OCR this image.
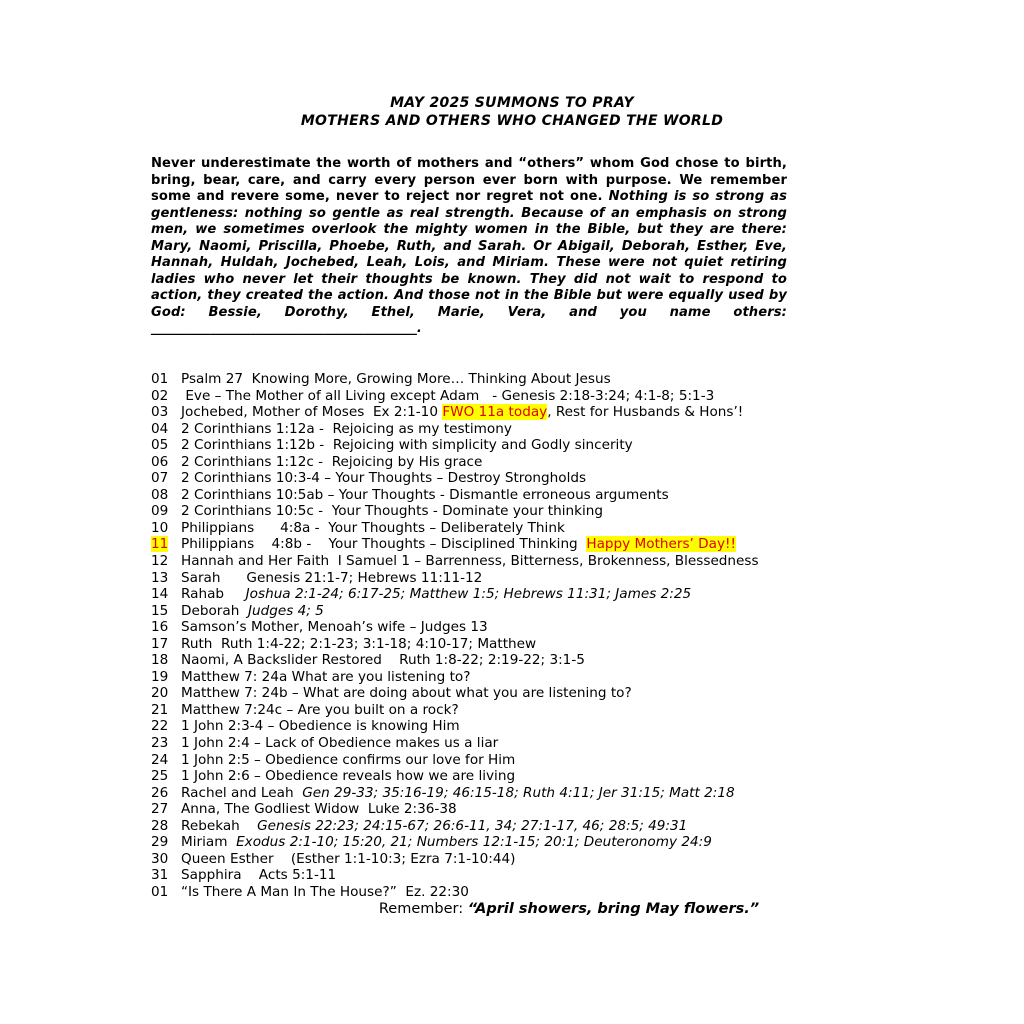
MAY 2025 SUMMONS TO PRAY
MOTHERS AND OTHERS WHO CHANGED THE WORLD
Never underestimate the worth of mothers and “others” whom God chose to birth, bring, bear, care, and carry every person ever born with purpose. We remember some and revere some, never to reject nor regret not one. Nothing is so strong as gentleness: nothing so gentle as real strength. Because of an emphasis on strong men, we sometimes overlook the mighty women in the Bible, but they are there: Mary, Naomi, Priscilla, Phoebe, Ruth, and Sarah. Or Abigail, Deborah, Esther, Eve, Hannah, Huldah, Jochebed, Leah, Lois, and Miriam. These were not quiet retiring ladies who never let their thoughts be known. They did not wait to respond to action, they created the action. And those not in the Bible but were equally used by God: Bessie, Dorothy, Ethel, Marie, Vera, and you name others: ________________________________________.
01 Psalm 27  Knowing More, Growing More… Thinking About Jesus
02 Eve – The Mother of all Living except Adam   - Genesis 2:18-3:24; 4:1-8; 5:1-3
03 Jochebed, Mother of Moses  Ex 2:1-10 FWO 11a today, Rest for Husbands & Hons’!
04 2 Corinthians 1:12a -  Rejoicing as my testimony
05 2 Corinthians 1:12b -  Rejoicing with simplicity and Godly sincerity
06 2 Corinthians 1:12c -  Rejoicing by His grace
07 2 Corinthians 10:3-4 – Your Thoughts – Destroy Strongholds
08 2 Corinthians 10:5ab – Your Thoughts - Dismantle erroneous arguments
09 2 Corinthians 10:5c -  Your Thoughts - Dominate your thinking
10 Philippians      4:8a -  Your Thoughts – Deliberately Think
11 Philippians    4:8b -    Your Thoughts – Disciplined Thinking  Happy Mothers’ Day!!
12 Hannah and Her Faith  I Samuel 1 – Barrenness, Bitterness, Brokenness, Blessedness
13 Sarah      Genesis 21:1-7; Hebrews 11:11-12
14 Rahab     Joshua 2:1-24; 6:17-25; Matthew 1:5; Hebrews 11:31; James 2:25
15 Deborah  Judges 4; 5
16 Samson’s Mother, Menoah’s wife – Judges 13
17 Ruth  Ruth 1:4-22; 2:1-23; 3:1-18; 4:10-17; Matthew
18 Naomi, A Backslider Restored    Ruth 1:8-22; 2:19-22; 3:1-5
19 Matthew 7: 24a What are you listening to?
20 Matthew 7: 24b – What are doing about what you are listening to?
21 Matthew 7:24c – Are you built on a rock?
22 1 John 2:3-4 – Obedience is knowing Him
23 1 John 2:4 – Lack of Obedience makes us a liar
24 1 John 2:5 – Obedience confirms our love for Him
25 1 John 2:6 – Obedience reveals how we are living
26 Rachel and Leah  Gen 29-33; 35:16-19; 46:15-18; Ruth 4:11; Jer 31:15; Matt 2:18
27 Anna, The Godliest Widow  Luke 2:36-38
28 Rebekah    Genesis 22:23; 24:15-67; 26:6-11, 34; 27:1-17, 46; 28:5; 49:31
29 Miriam  Exodus 2:1-10; 15:20, 21; Numbers 12:1-15; 20:1; Deuteronomy 24:9
30 Queen Esther    (Esther 1:1-10:3; Ezra 7:1-10:44)
31 Sapphira    Acts 5:1-11
01 “Is There A Man In The House?”  Ez. 22:30
Remember: “April showers, bring May flowers.”
